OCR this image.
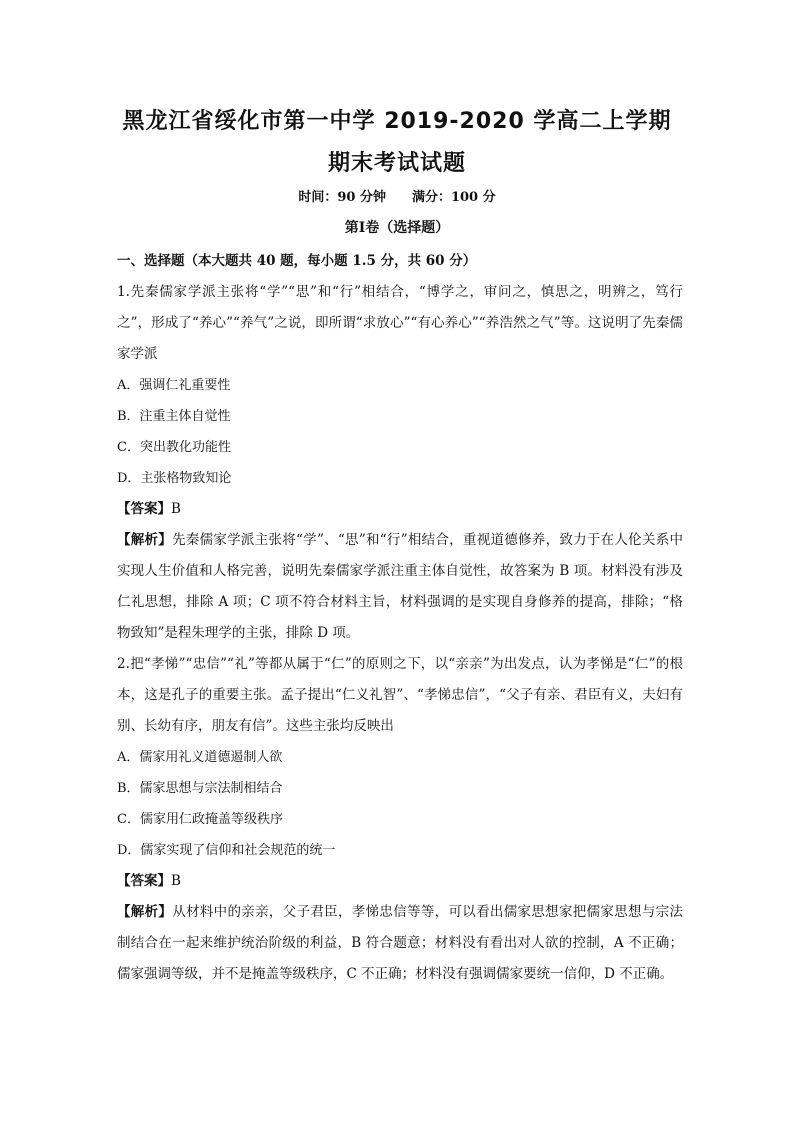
黑龙江省绥化市第一中学 2019-2020 学高二上学期
期末考试试题
时间：90 分钟 满分：100 分
第Ⅰ卷（选择题）

一、选择题（本大题共 40 题，每小题 1.5 分，共 60 分）

1.先秦儒家学派主张将“学”“思”和“行”相结合，“博学之，审问之，慎思之，明辨之，笃行之”，形成了“养心”“养气”之说，即所谓“求放心”“有心养心”“养浩然之气”等。这说明了先秦儒家学派

A．强调仁礼重要性

B．注重主体自觉性

C．突出教化功能性

D．主张格物致知论

【答案】B

【解析】先秦儒家学派主张将“学”、“思”和“行”相结合，重视道德修养，致力于在人伦关系中实现人生价值和人格完善，说明先秦儒家学派注重主体自觉性，故答案为 B 项。材料没有涉及仁礼思想，排除 A 项；C 项不符合材料主旨，材料强调的是实现自身修养的提高，排除；“格物致知”是程朱理学的主张，排除 D 项。

2.把“孝悌”“忠信”“礼”等都从属于“仁”的原则之下，以“亲亲”为出发点，认为孝悌是“仁”的根本，这是孔子的重要主张。孟子提出“仁义礼智”、“孝悌忠信”，“父子有亲、君臣有义，夫妇有别、长幼有序，朋友有信”。这些主张均反映出

A．儒家用礼义道德遏制人欲

B．儒家思想与宗法制相结合

C．儒家用仁政掩盖等级秩序

D．儒家实现了信仰和社会规范的统一

【答案】B

【解析】从材料中的亲亲，父子君臣，孝悌忠信等等，可以看出儒家思想家把儒家思想与宗法制结合在一起来维护统治阶级的利益，B 符合题意；材料没有看出对人欲的控制，A 不正确；儒家强调等级，并不是掩盖等级秩序，C 不正确；材料没有强调儒家要统一信仰，D 不正确。
